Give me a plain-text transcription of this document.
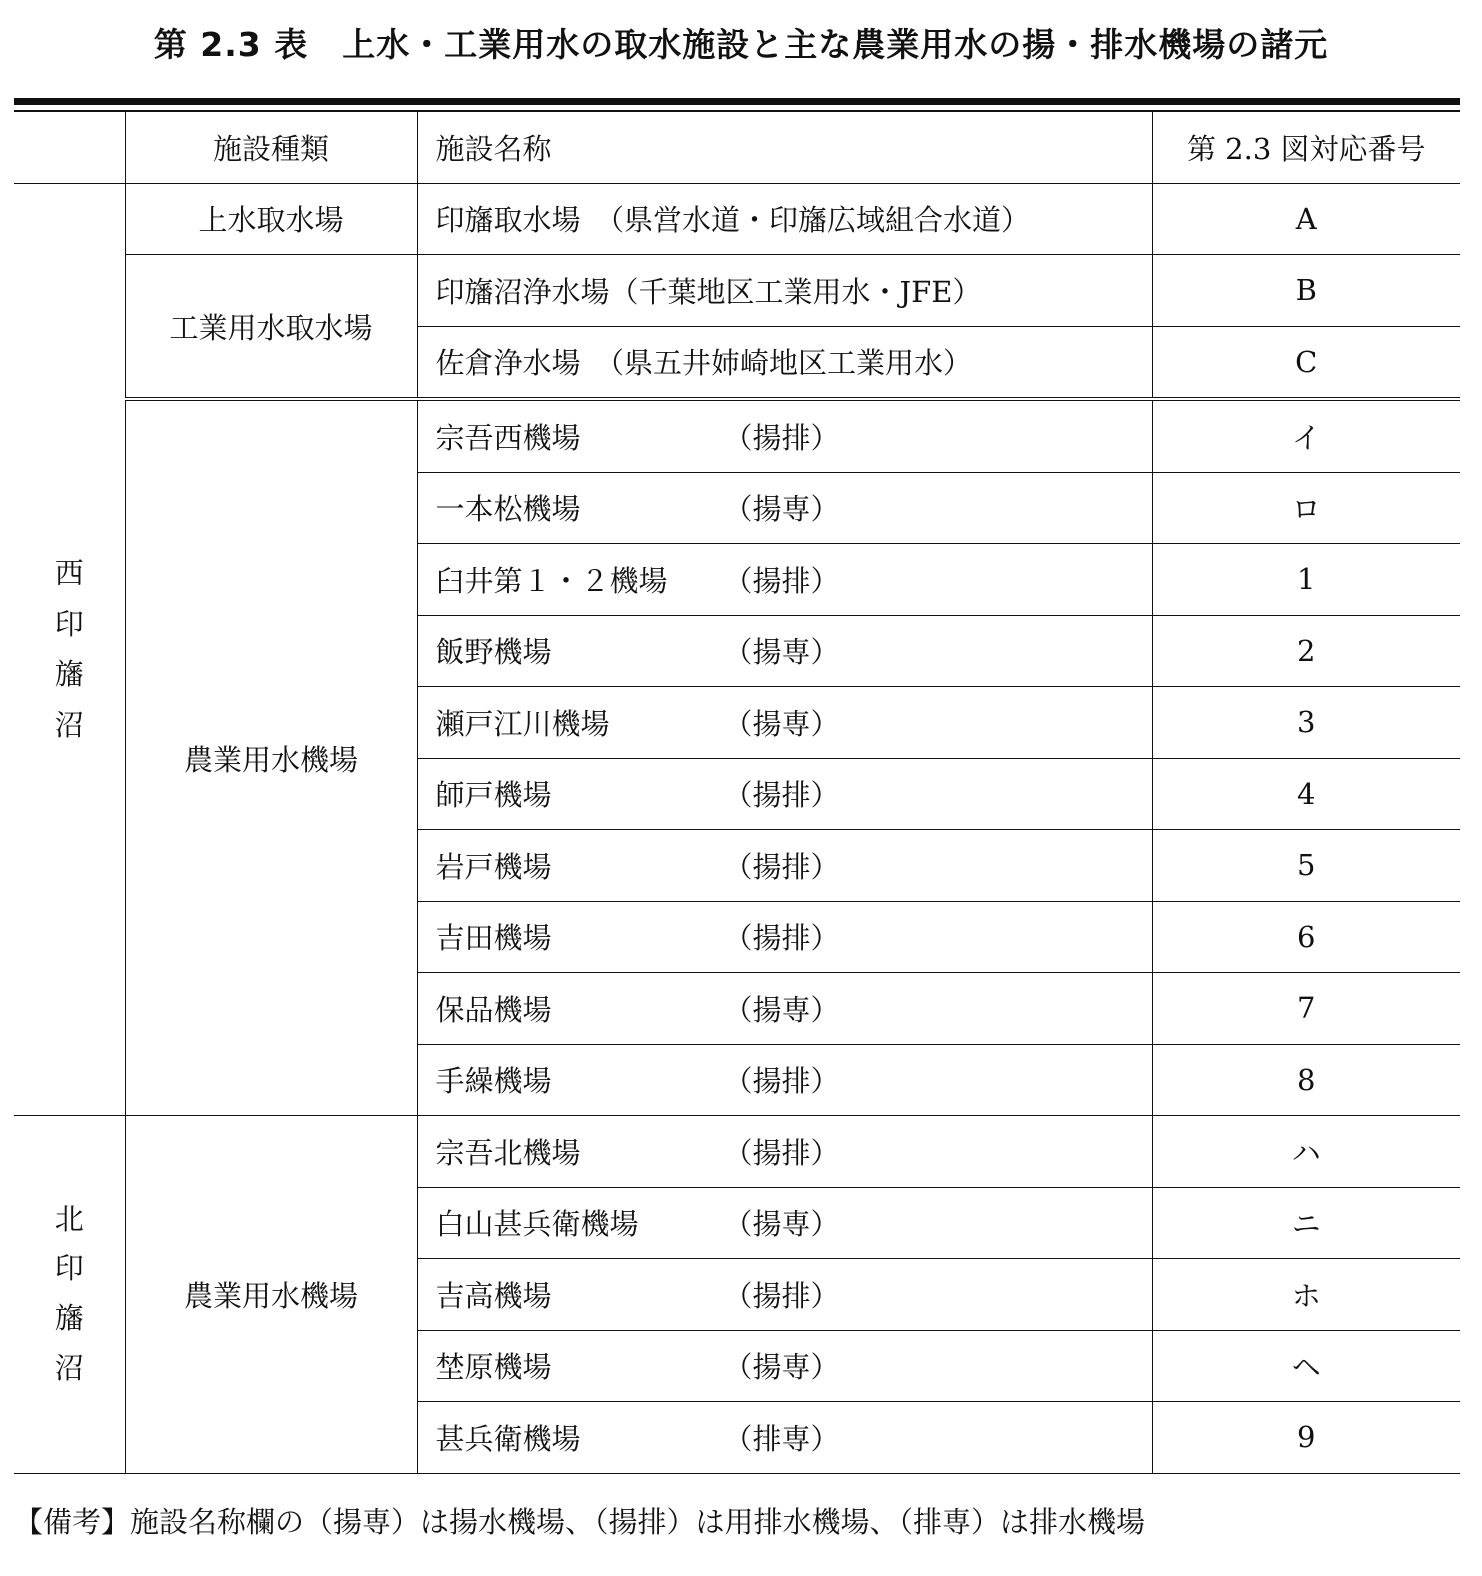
第 2.3 表　上水・工業用水の取水施設と主な農業用水の揚・排水機場の諸元
	施設種類	施設名称	第 2.3 図対応番号
西印旛沼	上水取水場	印旛取水場　（県営水道・印旛広域組合水道）	A
	工業用水取水場	印旛沼浄水場（千葉地区工業用水・JFE）	B
		佐倉浄水場　（県五井姉崎地区工業用水）	C
	農業用水機場	宗吾西機場 （揚排）	イ
		一本松機場 （揚専）	ロ
		臼井第１・２機場 （揚排）	1
		飯野機場 （揚専）	2
		瀬戸江川機場 （揚専）	3
		師戸機場 （揚排）	4
		岩戸機場 （揚排）	5
		吉田機場 （揚排）	6
		保品機場 （揚専）	7
		手繰機場 （揚排）	8
北印旛沼	農業用水機場	宗吾北機場 （揚排）	ハ
		白山甚兵衛機場 （揚専）	ニ
		吉高機場 （揚排）	ホ
		埜原機場 （揚専）	ヘ
		甚兵衛機場 （排専）	9
【備考】施設名称欄の（揚専）は揚水機場、（揚排）は用排水機場、（排専）は排水機場
